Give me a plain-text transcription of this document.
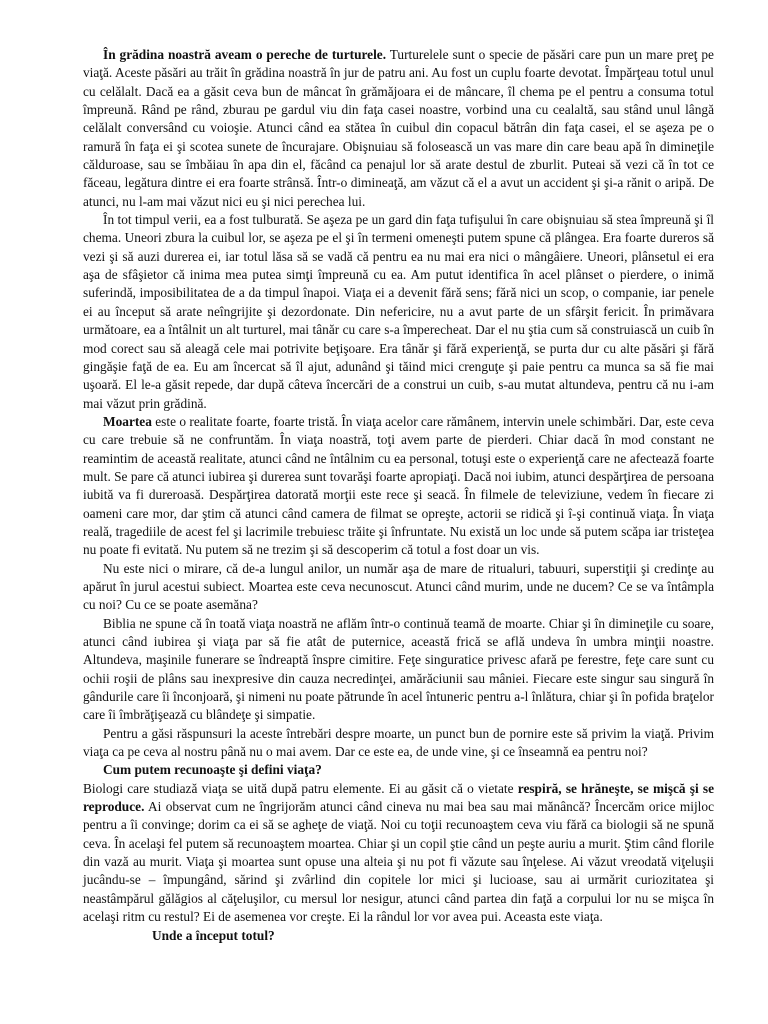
În grădina noastră aveam o pereche de turturele. Turturelele sunt o specie de păsări care pun un mare preţ pe viaţă. Aceste păsări au trăit în grădina noastră în jur de patru ani. Au fost un cuplu foarte devotat. Împărţeau totul unul cu celălalt. Dacă ea a găsit ceva bun de mâncat în grămăjoara ei de mâncare, îl chema pe el pentru a consuma totul împreună. Rând pe rând, zburau pe gardul viu din faţa casei noastre, vorbind una cu cealaltă, sau stând unul lângă celălalt conversând cu voioşie. Atunci când ea stătea în cuibul din copacul bătrân din faţa casei, el se aşeza pe o ramură în faţa ei şi scotea sunete de încurajare. Obişnuiau să folosească un vas mare din care beau apă în dimineţile călduroase, sau se îmbăiau în apa din el, făcând ca penajul lor să arate destul de zburlit. Puteai să vezi că în tot ce făceau, legătura dintre ei era foarte strânsă. Într-o dimineaţă, am văzut că el a avut un accident şi şi-a rănit o aripă. De atunci, nu l-am mai văzut nici eu şi nici perechea lui.

În tot timpul verii, ea a fost tulburată. Se aşeza pe un gard din faţa tufişului în care obişnuiau să stea împreună şi îl chema. Uneori zbura la cuibul lor, se aşeza pe el şi în termeni omeneşti putem spune că plângea. Era foarte dureros să vezi şi să auzi durerea ei, iar totul lăsa să se vadă că pentru ea nu mai era nici o mângâiere. Uneori, plânsetul ei era aşa de sfâşietor că inima mea putea simţi împreună cu ea. Am putut identifica în acel plânset o pierdere, o inimă suferindă, imposibilitatea de a da timpul înapoi. Viaţa ei a devenit fără sens; fără nici un scop, o companie, iar penele ei au început să arate neîngrijite şi dezordonate. Din nefericire, nu a avut parte de un sfârşit fericit. În primăvara următoare, ea a întâlnit un alt turturel, mai tânăr cu care s-a împerecheat. Dar el nu ştia cum să construiască un cuib în mod corect sau să aleagă cele mai potrivite beţişoare. Era tânăr şi fără experienţă, se purta dur cu alte păsări şi fără gingăşie faţă de ea. Eu am încercat să îl ajut, adunând şi tăind mici crenguţe şi paie pentru ca munca sa să fie mai uşoară. El le-a găsit repede, dar după câteva încercări de a construi un cuib, s-au mutat altundeva, pentru că nu i-am mai văzut prin grădină.

Moartea este o realitate foarte, foarte tristă. În viaţa acelor care rămânem, intervin unele schimbări. Dar, este ceva cu care trebuie să ne confruntăm. În viaţa noastră, toţi avem parte de pierderi. Chiar dacă în mod constant ne reamintim de această realitate, atunci când ne întâlnim cu ea personal, totuşi este o experienţă care ne afectează foarte mult. Se pare că atunci iubirea şi durerea sunt tovarăşi foarte apropiaţi. Dacă noi iubim, atunci despărţirea de persoana iubită va fi dureroasă. Despărţirea datorată morţii este rece şi seacă. În filmele de televiziune, vedem în fiecare zi oameni care mor, dar ştim că atunci când camera de filmat se opreşte, actorii se ridică şi î-şi continuă viaţa. În viaţa reală, tragediile de acest fel şi lacrimile trebuiesc trăite şi înfruntate. Nu există un loc unde să putem scăpa iar tristeţea nu poate fi evitată. Nu putem să ne trezim şi să descoperim că totul a fost doar un vis.

Nu este nici o mirare, că de-a lungul anilor, un număr aşa de mare de ritualuri, tabuuri, superstiţii şi credinţe au apărut în jurul acestui subiect. Moartea este ceva necunoscut. Atunci când murim, unde ne ducem? Ce se va întâmpla cu noi? Cu ce se poate asemăna?

Biblia ne spune că în toată viaţa noastră ne aflăm într-o continuă teamă de moarte. Chiar şi în dimineţile cu soare, atunci când iubirea şi viaţa par să fie atât de puternice, această frică se află undeva în umbra minţii noastre. Altundeva, maşinile funerare se îndreaptă înspre cimitire. Feţe singuratice privesc afară pe ferestre, feţe care sunt cu ochii roşii de plâns sau inexpresive din cauza necredinţei, amărăciunii sau mâniei. Fiecare este singur sau singură în gândurile care îi înconjoară, şi nimeni nu poate pătrunde în acel întuneric pentru a-l înlătura, chiar şi în pofida braţelor care îi îmbrăţişează cu blândeţe şi simpatie.

Pentru a găsi răspunsuri la aceste întrebări despre moarte, un punct bun de pornire este să privim la viaţă. Privim viaţa ca pe ceva al nostru până nu o mai avem. Dar ce este ea, de unde vine, şi ce înseamnă ea pentru noi?

Cum putem recunoaşte şi defini viaţa?

Biologi care studiază viaţa se uită după patru elemente. Ei au găsit că o vietate respiră, se hrăneşte, se mişcă şi se reproduce. Ai observat cum ne îngrijorăm atunci când cineva nu mai bea sau mai mănâncă? Încercăm orice mijloc pentru a îi convinge; dorim ca ei să se agheţe de viaţă. Noi cu toţii recunoaştem ceva viu fără ca biologii să ne spună ceva. În acelaşi fel putem să recunoaştem moartea. Chiar şi un copil ştie când un peşte auriu a murit. Ştim când florile din vază au murit. Viaţa şi moartea sunt opuse una alteia şi nu pot fi văzute sau înţelese. Ai văzut vreodată viţeluşii jucându-se – împungând, sărind şi zvârlind din copitele lor mici şi lucioase, sau ai urmărit curiozitatea şi neastâmpărul gălăgios al căţeluşilor, cu mersul lor nesigur, atunci când partea din faţă a corpului lor nu se mişca în acelaşi ritm cu restul? Ei de asemenea vor creşte. Ei la rândul lor vor avea pui. Aceasta este viaţa.

Unde a început totul?
